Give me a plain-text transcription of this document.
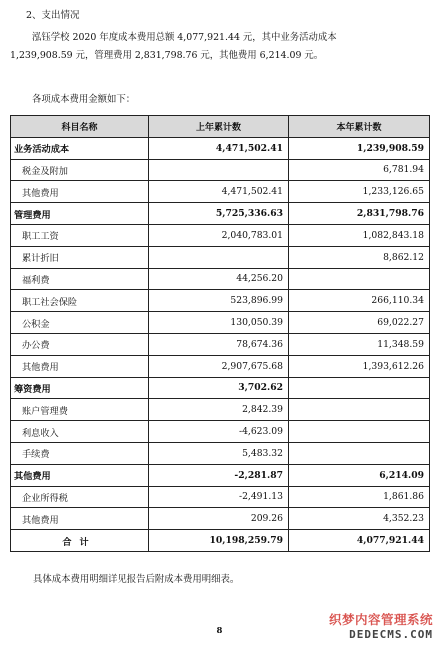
2、支出情况
泓钰学校 2020 年度成本费用总额 4,077,921.44 元，其中业务活动成本
1,239,908.59 元，管理费用 2,831,798.76 元，其他费用 6,214.09 元。
各项成本费用金额如下：
科目名称	上年累计数	本年累计数
业务活动成本	4,471,502.41	1,239,908.59
税金及附加		6,781.94
其他费用	4,471,502.41	1,233,126.65
管理费用	5,725,336.63	2,831,798.76
职工工资	2,040,783.01	1,082,843.18
累计折旧		8,862.12
福利费	44,256.20	
职工社会保险	523,896.99	266,110.34
公积金	130,050.39	69,022.27
办公费	78,674.36	11,348.59
其他费用	2,907,675.68	1,393,612.26
筹资费用	3,702.62	
账户管理费	2,842.39	
利息收入	-4,623.09	
手续费	5,483.32	
其他费用	-2,281.87	6,214.09
企业所得税	-2,491.13	1,861.86
其他费用	209.26	4,352.23
合计	10,198,259.79	4,077,921.44
具体成本费用明细详见报告后附成本费用明细表。
8
织梦内容管理系统
DEDECMS.COM
